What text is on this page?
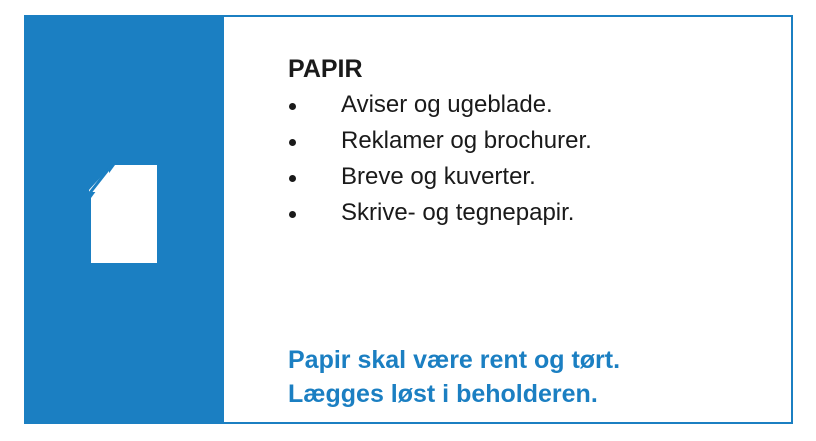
PAPIR
Aviser og ugeblade.
Reklamer og brochurer.
Breve og kuverter.
Skrive- og tegnepapir.

Papir skal være rent og tørt.

Lægges løst i beholderen.
